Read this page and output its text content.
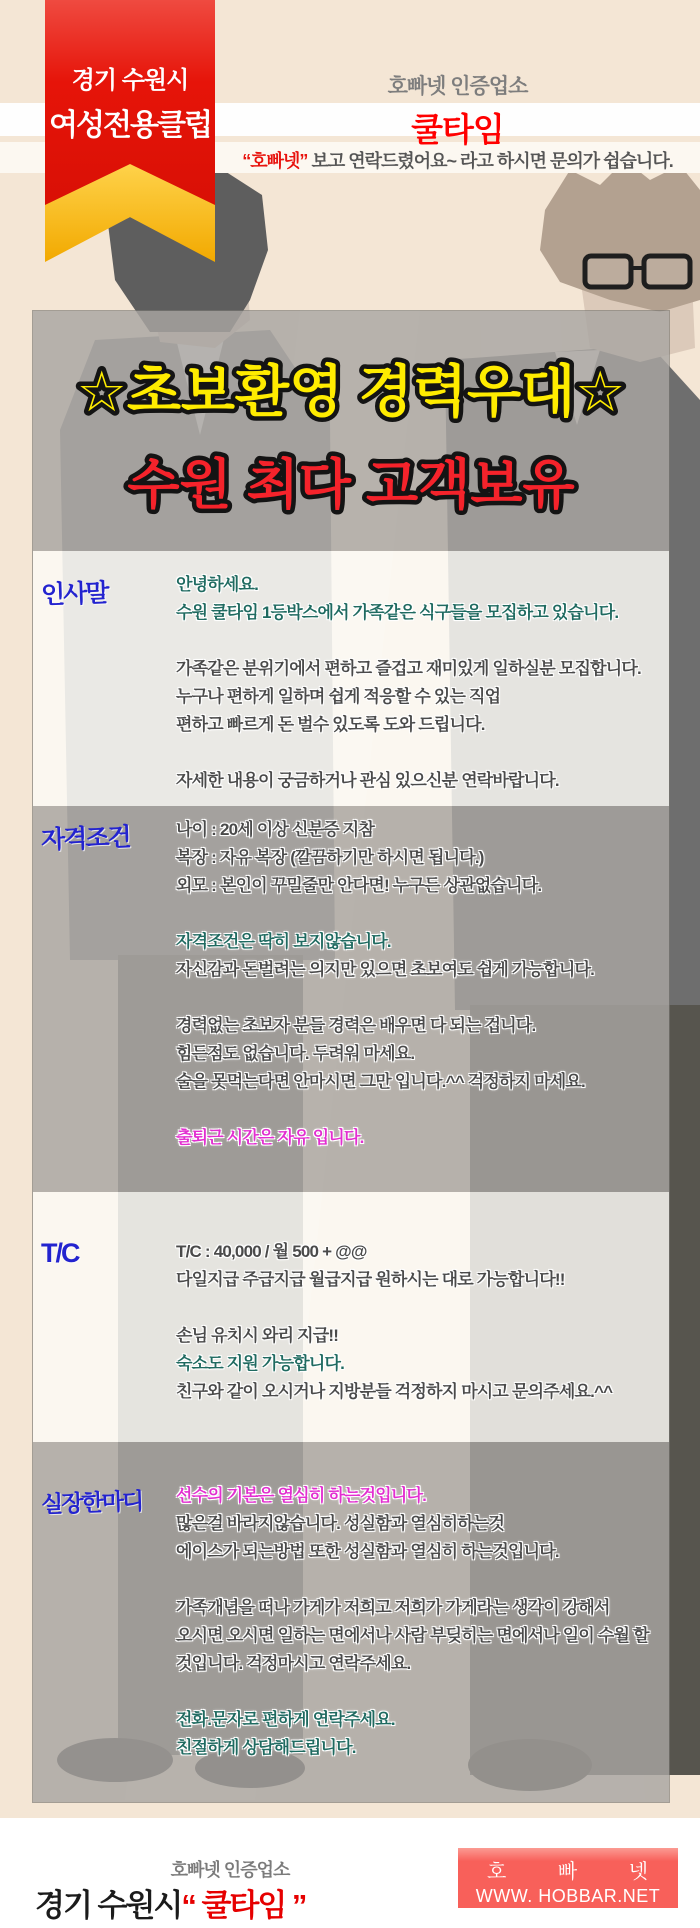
경기 수원시
여성전용클럽
호빠넷 인증업소
쿨타임
“호빠넷” 보고 연락드렸어요~ 라고 하시면 문의가 쉽습니다.
☆초보환영 경력우대☆
수원 최다 고객보유
인사말	안녕하세요.
수원 쿨타임 1등박스에서 가족같은 식구들을 모집하고 있습니다.
가족같은 분위기에서 편하고 즐겁고 재미있게 일하실분 모집합니다.
누구나 편하게 일하며 쉽게 적응할 수 있는 직업
편하고 빠르게 돈 벌수 있도록 도와 드립니다.
자세한 내용이 궁금하거나 관심 있으신분 연락바랍니다.
자격조건	나이 : 20세 이상 신분증 지참
복장 : 자유 복장 (깔끔하기만 하시면 됩니다.)
외모 : 본인이 꾸밀줄만 안다면! 누구든 상관없습니다.
자격조건은 딱히 보지않습니다.
자신감과 돈벌려는 의지만 있으면 초보여도 쉽게 가능합니다.
경력없는 초보자 분들 경력은 배우면 다 되는 겁니다.
힘든점도 없습니다. 두려워 마세요.
술을 못먹는다면 안마시면 그만 입니다.^^ 걱정하지 마세요.
출퇴근 시간은 자유 입니다.
T/C	T/C : 40,000 / 월 500 + @@
다일지급 주급지급 월급지급 원하시는 대로 가능합니다!!
손님 유치시 와리 지급!!
숙소도 지원 가능합니다.
친구와 같이 오시거나 지방분들 걱정하지 마시고 문의주세요.^^
실장한마디	선수의 기본은 열심히 하는것입니다.
많은걸 바라지않습니다. 성실함과 열심히하는것
에이스가 되는방법 또한 성실함과 열심히 하는것입니다.
가족개념을 떠나 가게가 저희고 저희가 가게라는 생각이 강해서
오시면 오시면 일하는 면에서나 사람 부딪히는 면에서나 일이 수월 할
것입니다. 걱정마시고 연락주세요.
전화.문자로 편하게 연락주세요.
친절하게 상담해드립니다.
호빠넷 인증업소
경기 수원시“ 쿨타임 ”
호 빠 넷
WWW. HOBBAR.NET
